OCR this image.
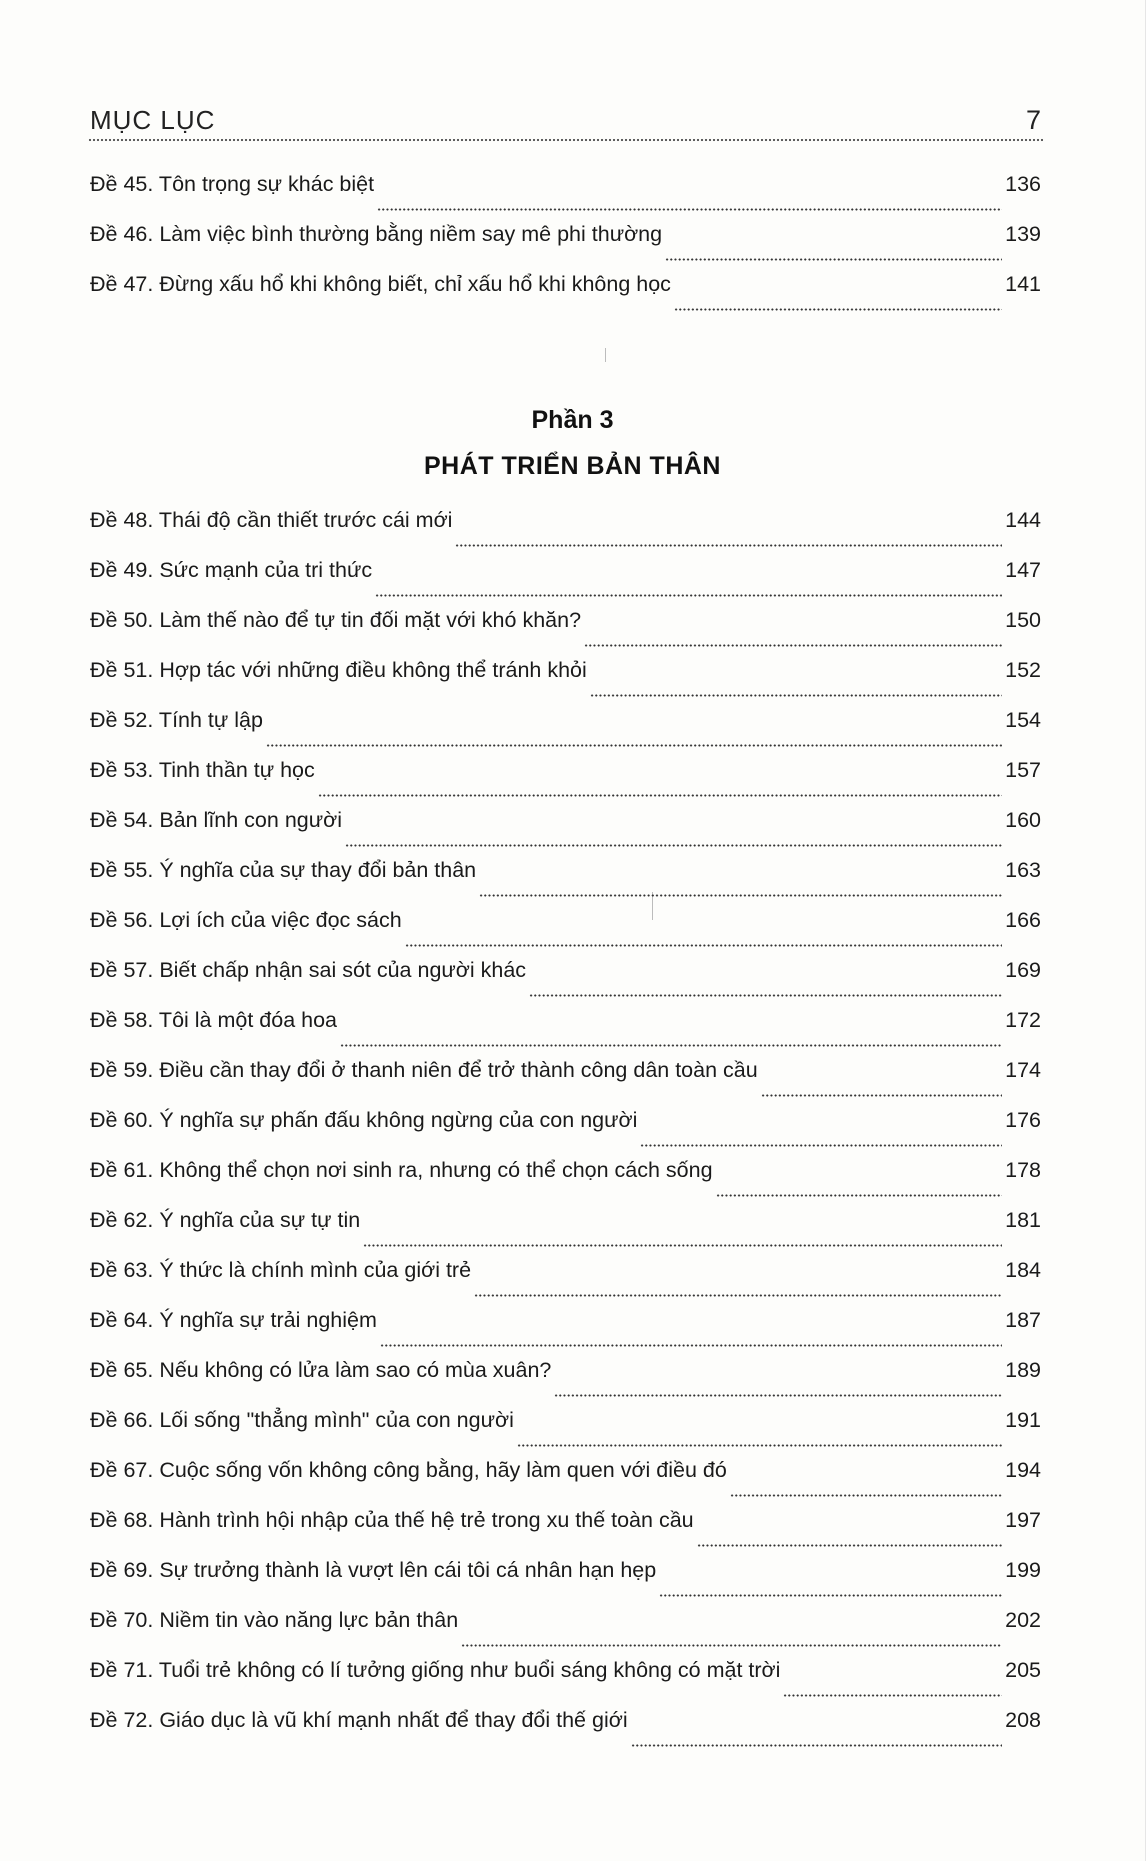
MỤC LỤC	7
Đề 45. Tôn trọng sự khác biệt	136
Đề 46. Làm việc bình thường bằng niềm say mê phi thường	139
Đề 47. Đừng xấu hổ khi không biết, chỉ xấu hổ khi không học	141
Phần 3
PHÁT TRIỂN BẢN THÂN
Đề 48. Thái độ cần thiết trước cái mới	144
Đề 49. Sức mạnh của tri thức	147
Đề 50. Làm thế nào để tự tin đối mặt với khó khăn?	150
Đề 51. Hợp tác với những điều không thể tránh khỏi	152
Đề 52. Tính tự lập	154
Đề 53. Tinh thần tự học	157
Đề 54. Bản lĩnh con người	160
Đề 55. Ý nghĩa của sự thay đổi bản thân	163
Đề 56. Lợi ích của việc đọc sách	166
Đề 57. Biết chấp nhận sai sót của người khác	169
Đề 58. Tôi là một đóa hoa	172
Đề 59. Điều cần thay đổi ở thanh niên để trở thành công dân toàn cầu	174
Đề 60. Ý nghĩa sự phấn đấu không ngừng của con người	176
Đề 61. Không thể chọn nơi sinh ra, nhưng có thể chọn cách sống	178
Đề 62. Ý nghĩa của sự tự tin	181
Đề 63. Ý thức là chính mình của giới trẻ	184
Đề 64. Ý nghĩa sự trải nghiệm	187
Đề 65. Nếu không có lửa làm sao có mùa xuân?	189
Đề 66. Lối sống "thẳng mình" của con người	191
Đề 67. Cuộc sống vốn không công bằng, hãy làm quen với điều đó	194
Đề 68. Hành trình hội nhập của thế hệ trẻ trong xu thế toàn cầu	197
Đề 69. Sự trưởng thành là vượt lên cái tôi cá nhân hạn hẹp	199
Đề 70. Niềm tin vào năng lực bản thân	202
Đề 71. Tuổi trẻ không có lí tưởng giống như buổi sáng không có mặt trời	205
Đề 72. Giáo dục là vũ khí mạnh nhất để thay đổi thế giới	208
